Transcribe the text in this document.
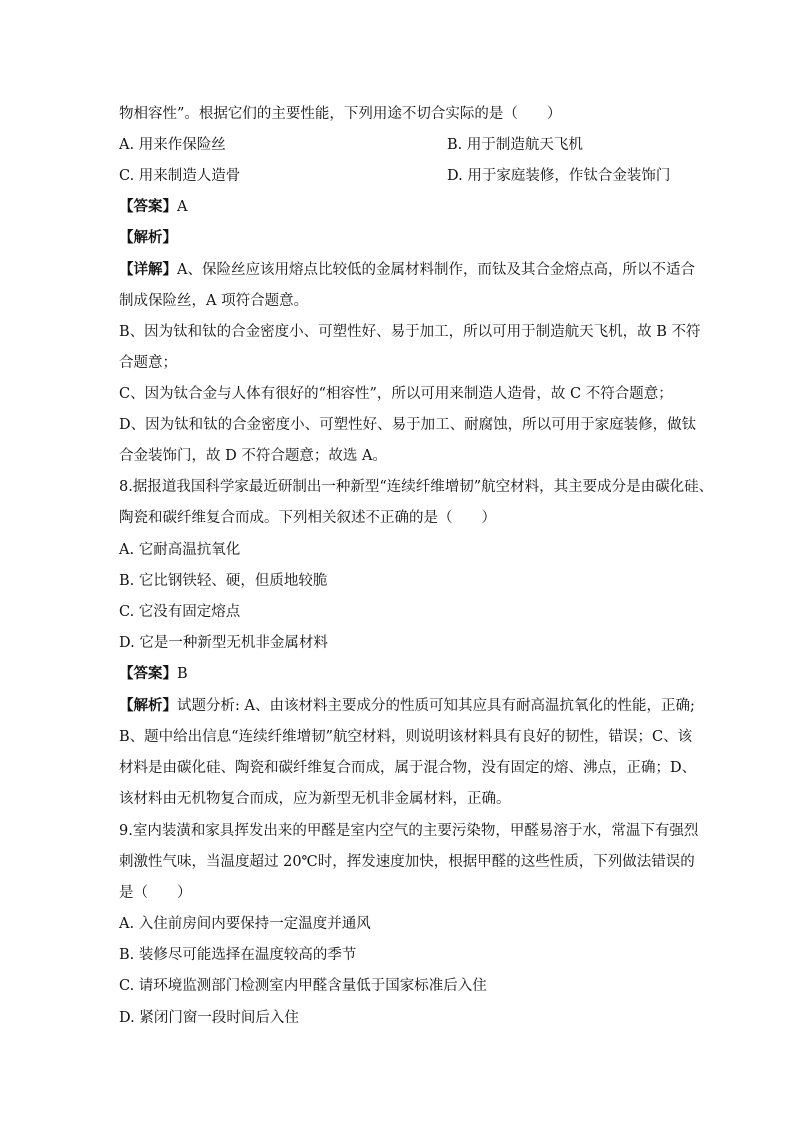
物相容性”。根据它们的主要性能，下列用途不切合实际的是（　　）
A. 用来作保险丝	B. 用于制造航天飞机
C. 用来制造人造骨	D. 用于家庭装修，作钛合金装饰门
【答案】A
【解析】
【详解】A、保险丝应该用熔点比较低的金属材料制作，而钛及其合金熔点高，所以不适合
制成保险丝，A 项符合题意。
B、因为钛和钛的合金密度小、可塑性好、易于加工，所以可用于制造航天飞机，故 B 不符
合题意；
C、因为钛合金与人体有很好的“相容性”，所以可用来制造人造骨，故 C 不符合题意；
D、因为钛和钛的合金密度小、可塑性好、易于加工、耐腐蚀，所以可用于家庭装修，做钛
合金装饰门，故 D 不符合题意；故选 A。
8.据报道我国科学家最近研制出一种新型“连续纤维增韧”航空材料，其主要成分是由碳化硅、
陶瓷和碳纤维复合而成。下列相关叙述不正确的是（　　）
A. 它耐高温抗氧化
B. 它比钢铁轻、硬，但质地较脆
C. 它没有固定熔点
D. 它是一种新型无机非金属材料
【答案】B
【解析】试题分析: A、由该材料主要成分的性质可知其应具有耐高温抗氧化的性能，正确;
B、题中给出信息“连续纤维增韧”航空材料，则说明该材料具有良好的韧性，错误；C、该
材料是由碳化硅、陶瓷和碳纤维复合而成，属于混合物，没有固定的熔、沸点，正确；D、
该材料由无机物复合而成，应为新型无机非金属材料，正确。
9.室内装潢和家具挥发出来的甲醛是室内空气的主要污染物，甲醛易溶于水，常温下有强烈
刺激性气味，当温度超过 20℃时，挥发速度加快，根据甲醛的这些性质，下列做法错误的
是（　　）
A. 入住前房间内要保持一定温度并通风
B. 装修尽可能选择在温度较高的季节
C. 请环境监测部门检测室内甲醛含量低于国家标准后入住
D. 紧闭门窗一段时间后入住
